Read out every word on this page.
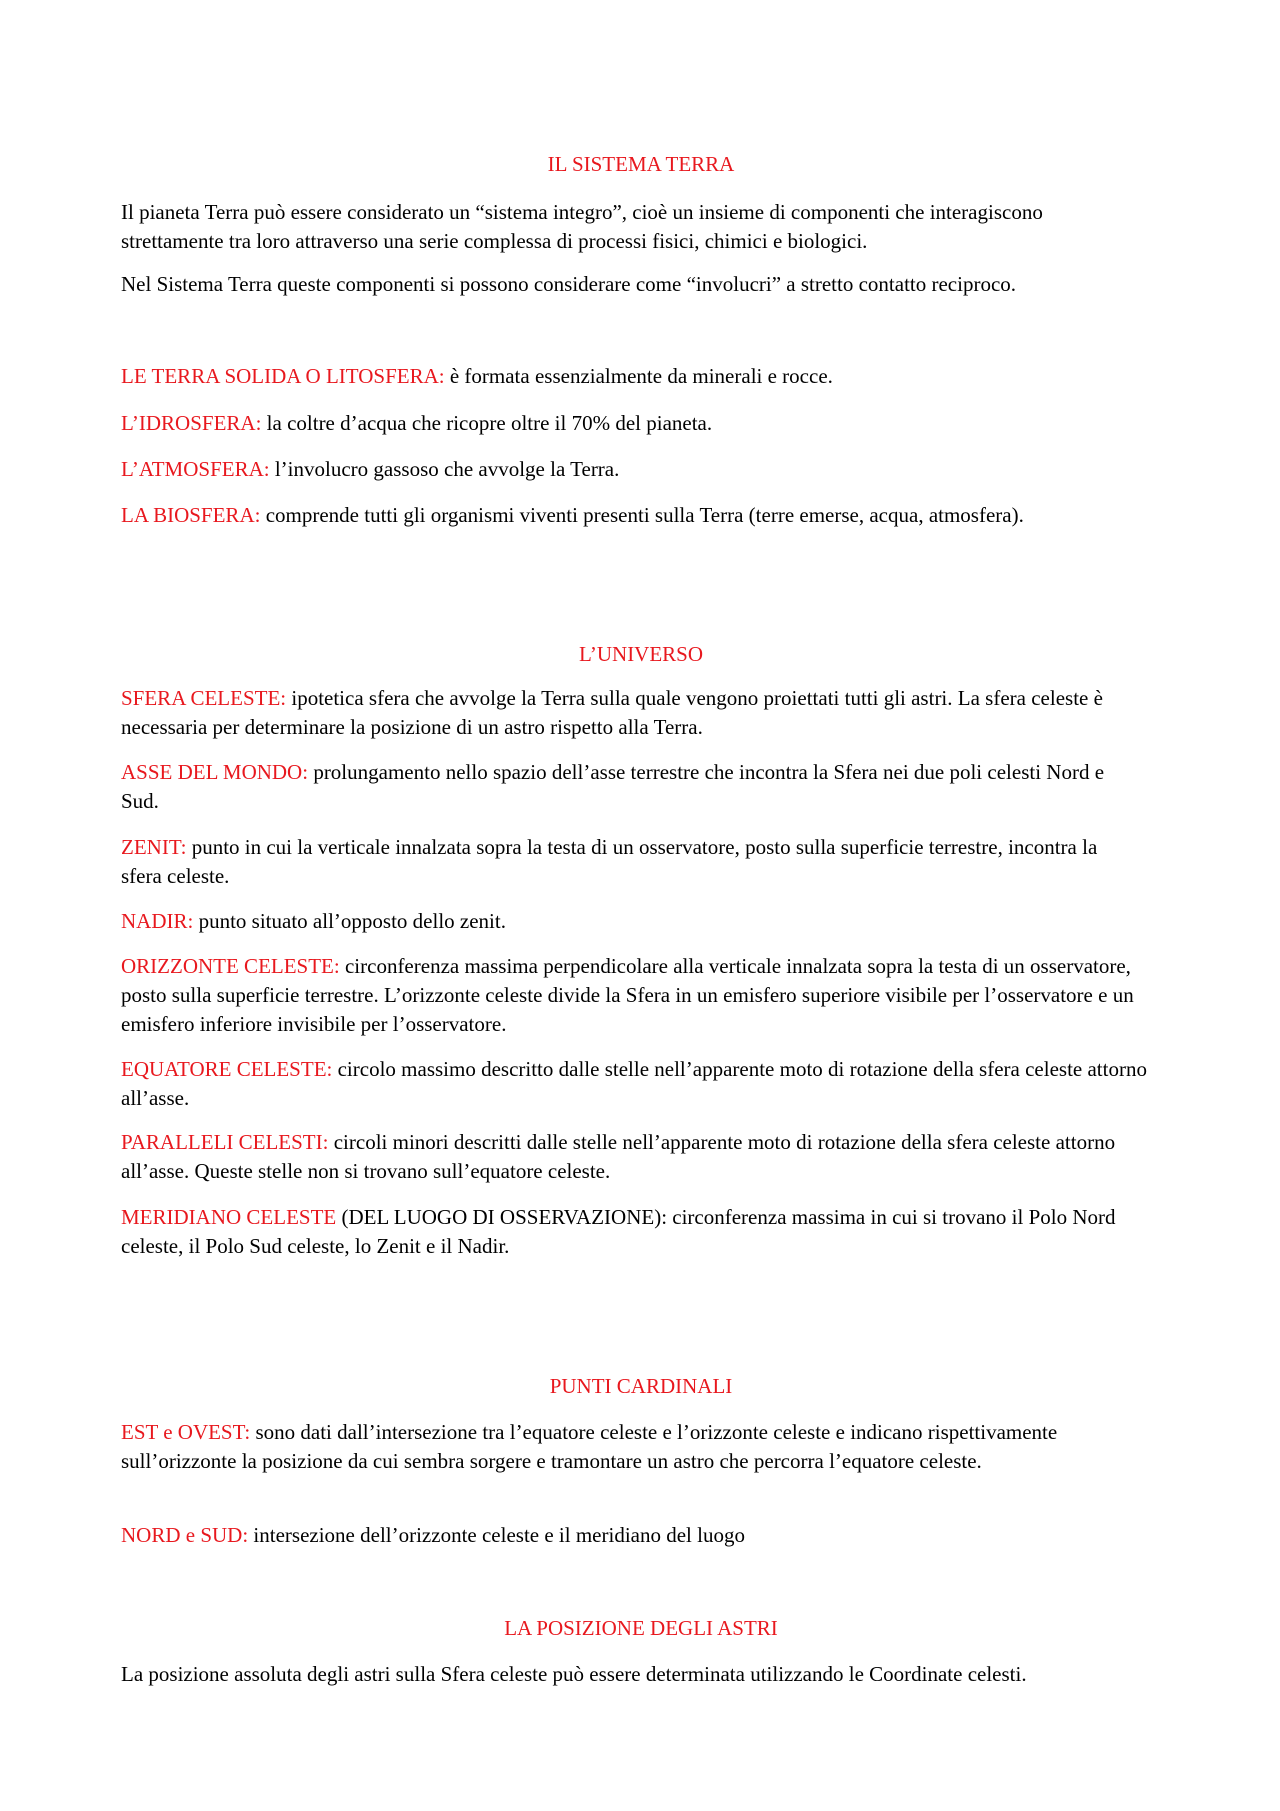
IL SISTEMA TERRA

Il pianeta Terra può essere considerato un “sistema integro”, cioè un insieme di componenti che interagiscono strettamente tra loro attraverso una serie complessa di processi fisici, chimici e biologici.

Nel Sistema Terra queste componenti si possono considerare come “involucri” a stretto contatto reciproco.

LE TERRA SOLIDA O LITOSFERA: è formata essenzialmente da minerali e rocce.

L’IDROSFERA: la coltre d’acqua che ricopre oltre il 70% del pianeta.

L’ATMOSFERA: l’involucro gassoso che avvolge la Terra.

LA BIOSFERA: comprende tutti gli organismi viventi presenti sulla Terra (terre emerse, acqua, atmosfera).

L’UNIVERSO

SFERA CELESTE: ipotetica sfera che avvolge la Terra sulla quale vengono proiettati tutti gli astri. La sfera celeste è necessaria per determinare la posizione di un astro rispetto alla Terra.

ASSE DEL MONDO: prolungamento nello spazio dell’asse terrestre che incontra la Sfera nei due poli celesti Nord e Sud.

ZENIT: punto in cui la verticale innalzata sopra la testa di un osservatore, posto sulla superficie terrestre, incontra la sfera celeste.

NADIR: punto situato all’opposto dello zenit.

ORIZZONTE CELESTE: circonferenza massima perpendicolare alla verticale innalzata sopra la testa di un osservatore, posto sulla superficie terrestre. L’orizzonte celeste divide la Sfera in un emisfero superiore visibile per l’osservatore e un emisfero inferiore invisibile per l’osservatore.

EQUATORE CELESTE: circolo massimo descritto dalle stelle nell’apparente moto di rotazione della sfera celeste attorno all’asse.

PARALLELI CELESTI: circoli minori descritti dalle stelle nell’apparente moto di rotazione della sfera celeste attorno all’asse. Queste stelle non si trovano sull’equatore celeste.

MERIDIANO CELESTE (DEL LUOGO DI OSSERVAZIONE): circonferenza massima in cui si trovano il Polo Nord celeste, il Polo Sud celeste, lo Zenit e il Nadir.

PUNTI CARDINALI

EST e OVEST: sono dati dall’intersezione tra l’equatore celeste e l’orizzonte celeste e indicano rispettivamente sull’orizzonte la posizione da cui sembra sorgere e tramontare un astro che percorra l’equatore celeste.

NORD e SUD: intersezione dell’orizzonte celeste e il meridiano del luogo

LA POSIZIONE DEGLI ASTRI

La posizione assoluta degli astri sulla Sfera celeste può essere determinata utilizzando le Coordinate celesti.
